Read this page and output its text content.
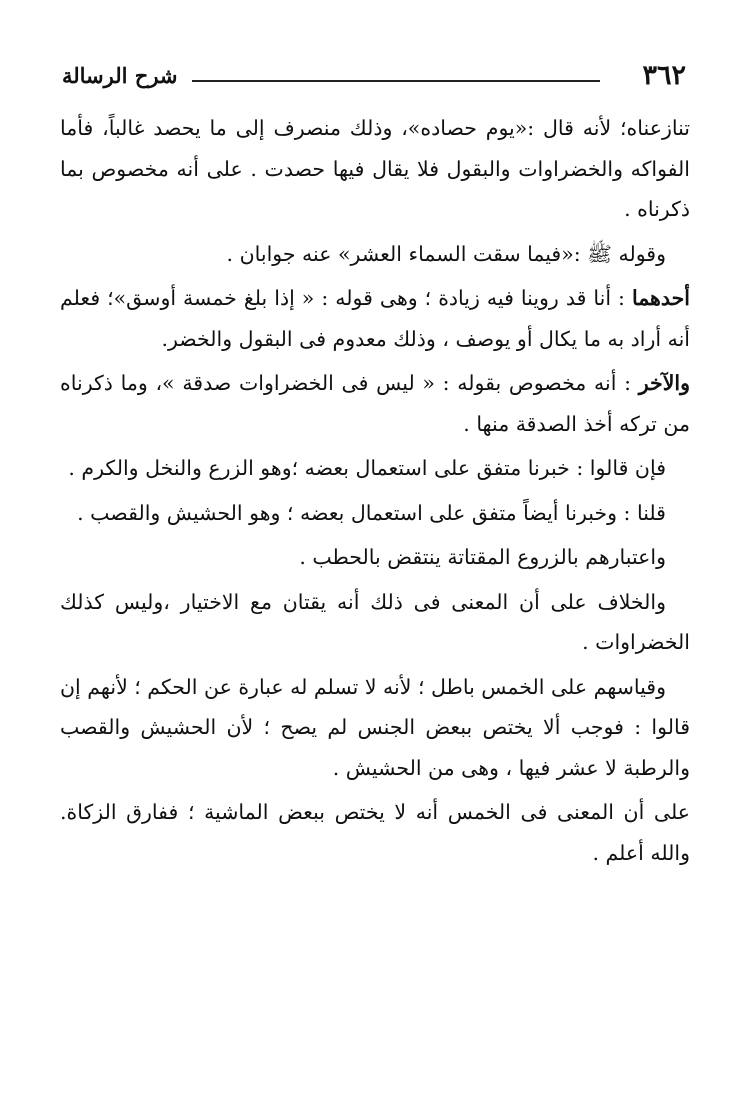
٣٦٢
شرح الرسالة

تنازعناه؛ لأنه قال :«يوم حصاده»، وذلك منصرف إلى ما يحصد غالباً، فأما الفواكه والخضراوات والبقول فلا يقال فيها حصدت . على أنه مخصوص بما ذكرناه .

وقوله ﷺ :«فيما سقت السماء العشر» عنه جوابان .

أحدهما : أنا قد روينا فيه زيادة ؛ وهى قوله : « إذا بلغ خمسة أوسق»؛ فعلم أنه أراد به ما يكال أو يوصف ، وذلك معدوم فى البقول والخضر.

والآخر : أنه مخصوص بقوله : « ليس فى الخضراوات صدقة »، وما ذكرناه من تركه أخذ الصدقة منها .

فإن قالوا : خبرنا متفق على استعمال بعضه ؛وهو الزرع والنخل والكرم .

قلنا : وخبرنا أيضاً متفق على استعمال بعضه ؛ وهو الحشيش والقصب .

واعتبارهم بالزروع المقتاتة ينتقض بالحطب .

والخلاف على أن المعنى فى ذلك أنه يقتان مع الاختيار ،وليس كذلك الخضراوات .

وقياسهم على الخمس باطل ؛ لأنه لا تسلم له عبارة عن الحكم ؛ لأنهم إن قالوا : فوجب ألا يختص ببعض الجنس لم يصح ؛ لأن الحشيش والقصب والرطبة لا عشر فيها ، وهى من الحشيش .

على أن المعنى فى الخمس أنه لا يختص ببعض الماشية ؛ ففارق الزكاة. والله أعلم .
